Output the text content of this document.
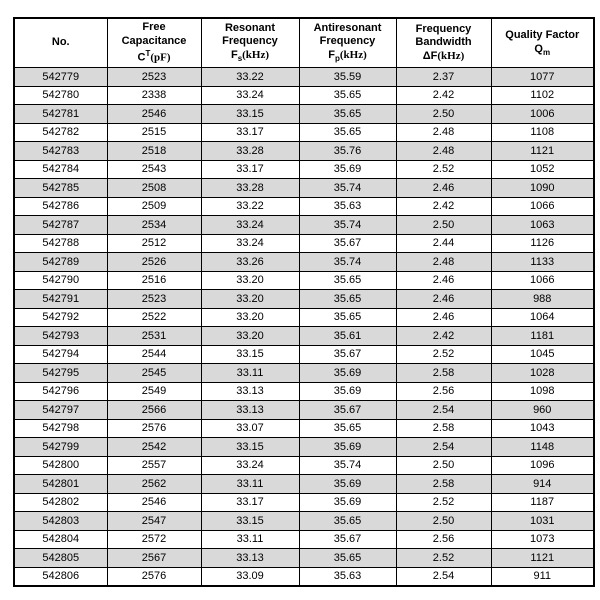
No.

Free Capacitance
$C^T(pF)$

Resonant Frequency
$F_s(kHz)$

Antiresonant Frequency
$F_p(kHz)$

Frequency Bandwidth
ΔF(kHz)

Quality Factor
$Q_m$

542779	2523	33.22	35.59	2.37	1077
542780	2338	33.24	35.65	2.42	1102
542781	2546	33.15	35.65	2.50	1006
542782	2515	33.17	35.65	2.48	1108
542783	2518	33.28	35.76	2.48	1121
542784	2543	33.17	35.69	2.52	1052
542785	2508	33.28	35.74	2.46	1090
542786	2509	33.22	35.63	2.42	1066
542787	2534	33.24	35.74	2.50	1063
542788	2512	33.24	35.67	2.44	1126
542789	2526	33.26	35.74	2.48	1133
542790	2516	33.20	35.65	2.46	1066
542791	2523	33.20	35.65	2.46	988
542792	2522	33.20	35.65	2.46	1064
542793	2531	33.20	35.61	2.42	1181
542794	2544	33.15	35.67	2.52	1045
542795	2545	33.11	35.69	2.58	1028
542796	2549	33.13	35.69	2.56	1098
542797	2566	33.13	35.67	2.54	960
542798	2576	33.07	35.65	2.58	1043
542799	2542	33.15	35.69	2.54	1148
542800	2557	33.24	35.74	2.50	1096
542801	2562	33.11	35.69	2.58	914
542802	2546	33.17	35.69	2.52	1187
542803	2547	33.15	35.65	2.50	1031
542804	2572	33.11	35.67	2.56	1073
542805	2567	33.13	35.65	2.52	1121
542806	2576	33.09	35.63	2.54	911
